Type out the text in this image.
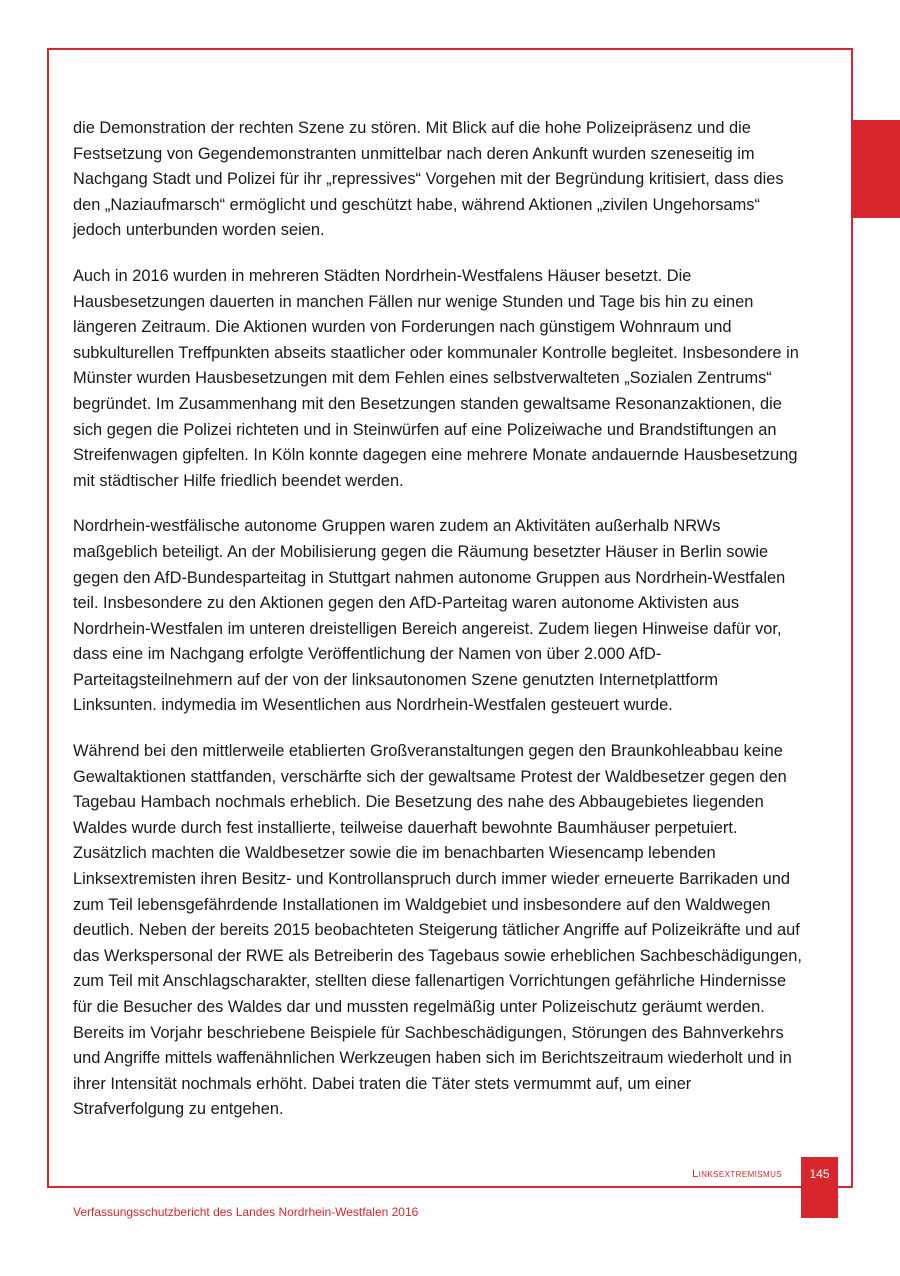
die Demonstration der rechten Szene zu stören. Mit Blick auf die hohe Polizeipräsenz und die Festsetzung von Gegendemonstranten unmittelbar nach deren Ankunft wurden szeneseitig im Nachgang Stadt und Polizei für ihr „repressives“ Vorgehen mit der Begründung kritisiert, dass dies den „Naziaufmarsch“ ermöglicht und geschützt habe, während Aktionen „zivilen Ungehorsams“ jedoch unterbunden worden seien.

Auch in 2016 wurden in mehreren Städten Nordrhein-Westfalens Häuser besetzt. Die Hausbesetzungen dauerten in manchen Fällen nur wenige Stunden und Tage bis hin zu einen längeren Zeitraum. Die Aktionen wurden von Forderungen nach günstigem Wohnraum und subkulturellen Treffpunkten abseits staatlicher oder kommunaler Kontrolle begleitet. Insbesondere in Münster wurden Hausbesetzungen mit dem Fehlen eines selbstverwalteten „Sozialen Zentrums“ begründet. Im Zusammenhang mit den Besetzungen standen gewaltsame Resonanzaktionen, die sich gegen die Polizei richteten und in Steinwürfen auf eine Polizeiwache und Brandstiftungen an Streifenwagen gipfelten. In Köln konnte dagegen eine mehrere Monate andauernde Hausbesetzung mit städtischer Hilfe friedlich beendet werden.

Nordrhein-westfälische autonome Gruppen waren zudem an Aktivitäten außerhalb NRWs maßgeblich beteiligt. An der Mobilisierung gegen die Räumung besetzter Häuser in Berlin sowie gegen den AfD-Bundesparteitag in Stuttgart nahmen autonome Gruppen aus Nordrhein-Westfalen teil. Insbesondere zu den Aktionen gegen den AfD-Parteitag waren autonome Aktivisten aus Nordrhein-Westfalen im unteren dreistelligen Bereich angereist. Zudem liegen Hinweise dafür vor, dass eine im Nachgang erfolgte Veröffentlichung der Namen von über 2.000 AfD-Parteitagsteilnehmern auf der von der linksautonomen Szene genutzten Internetplattform Linksunten. indymedia im Wesentlichen aus Nordrhein-Westfalen gesteuert wurde.

Während bei den mittlerweile etablierten Großveranstaltungen gegen den Braunkohleabbau keine Gewaltaktionen stattfanden, verschärfte sich der gewaltsame Protest der Waldbesetzer gegen den Tagebau Hambach nochmals erheblich. Die Besetzung des nahe des Abbaugebietes liegenden Waldes wurde durch fest installierte, teilweise dauerhaft bewohnte Baumhäuser perpetuiert. Zusätzlich machten die Waldbesetzer sowie die im benachbarten Wiesencamp lebenden Linksextremisten ihren Besitz- und Kontrollanspruch durch immer wieder erneuerte Barrikaden und zum Teil lebensgefährdende Installationen im Waldgebiet und insbesondere auf den Waldwegen deutlich. Neben der bereits 2015 beobachteten Steigerung tätlicher Angriffe auf Polizeikräfte und auf das Werkspersonal der RWE als Betreiberin des Tagebaus sowie erheblichen Sachbeschädigungen, zum Teil mit Anschlagscharakter, stellten diese fallenartigen Vorrichtungen gefährliche Hindernisse für die Besucher des Waldes dar und mussten regelmäßig unter Polizeischutz geräumt werden. Bereits im Vorjahr beschriebene Beispiele für Sachbeschädigungen, Störungen des Bahnverkehrs und Angriffe mittels waffenähnlichen Werkzeugen haben sich im Berichtszeitraum wiederholt und in ihrer Intensität nochmals erhöht. Dabei traten die Täter stets vermummt auf, um einer Strafverfolgung zu entgehen.

Linksextremismus	145
Verfassungsschutzbericht des Landes Nordrhein-Westfalen 2016
